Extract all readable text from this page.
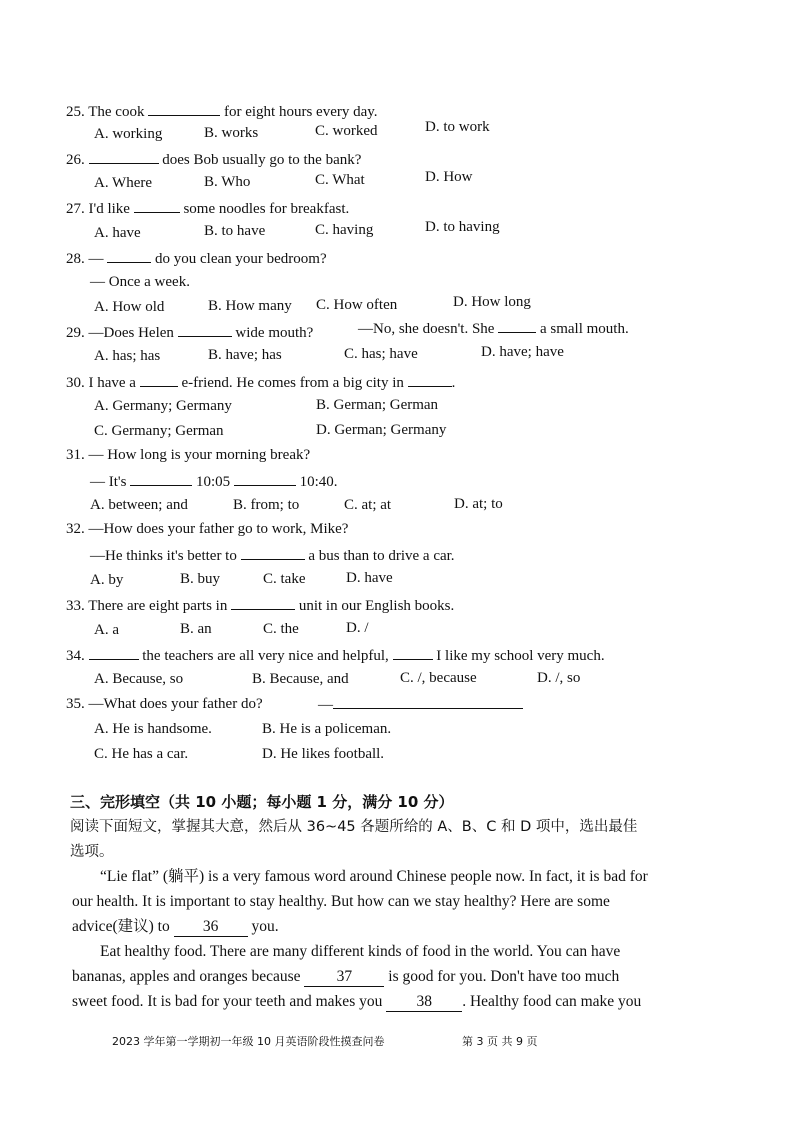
25. The cook	for eight hours every day.
A. working	B. works	C. worked	D. to work
26.	does Bob usually go to the bank?
A. Where	B. Who	C. What	D. How
27. I'd like	some noodles for breakfast.
A. have	B. to have	C. having	D. to having
28. —	do you clean your bedroom?
— Once a week.
A. How old	B. How many C. How often	D. How long
29. —Does Helen	wide mouth?	—No, she doesn't. She	a small mouth.
A. has; has	B. have; has	C. has; have	D. have; have
30. I have a	e-friend. He comes from a big city in	.
A. Germany; Germany	B. German; German
C. Germany; German	D. German; Germany
31. — How long is your morning break?
— It's	10:05	10:40.
A. between; and	B. from; to	C. at; at	D. at; to
32. —How does your father go to work, Mike?
—He thinks it's better to	a bus than to drive a car.
A. by	B. buy	C. take	D. have
33. There are eight parts in	unit in our English books.
A. a	B. an	C. the	D. /
34.	the teachers are all very nice and helpful,	I like my school very much.
A. Because, so	B. Because, and	C. /, because	D. /, so
35. —What does your father do?	—
A. He is handsome.	B. He is a policeman.
C. He has a car.	D. He likes football.
三、完形填空（共 10 小题；每小题 1 分，满分 10 分）
阅读下面短文，掌握其大意，然后从 36~45 各题所给的 A、B、C 和 D 项中，选出最佳
选项。
“Lie flat” (躺平) is a very famous word around Chinese people now. In fact, it is bad for
our health. It is important to stay healthy. But how can we stay healthy? Here are some
advice(建议) to 36 you.
Eat healthy food. There are many different kinds of food in the world. You can have
bananas, apples and oranges because 37 is good for you. Don't have too much
sweet food. It is bad for your teeth and makes you 38 . Healthy food can make you
2023 学年第一学期初一年级 10 月英语阶段性摸查问卷	第 3 页 共 9 页
